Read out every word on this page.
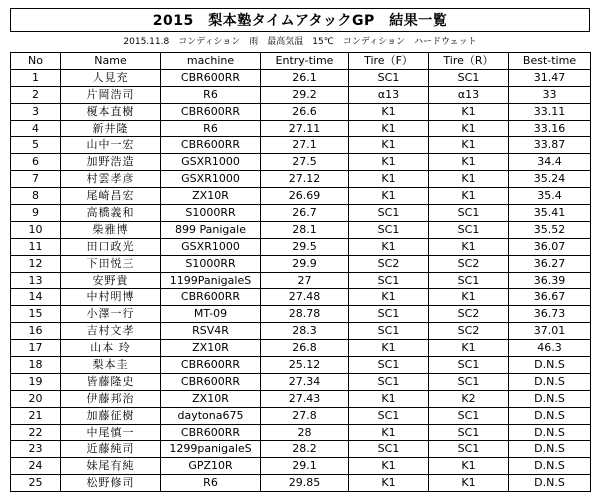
2015　梨本塾タイムアタックGP　結果一覧
2015.11.8　コンディション　雨　最高気温　15℃　コンディション　ハードウェット
No	Name	machine	Entry-time	Tire（F）	Tire（R）	Best-time
1	人見充	CBR600RR	26.1	SC1	SC1	31.47
2	片岡浩司	R6	29.2	α13	α13	33
3	榎本直樹	CBR600RR	26.6	K1	K1	33.11
4	新井隆	R6	27.11	K1	K1	33.16
5	山中一宏	CBR600RR	27.1	K1	K1	33.87
6	加野浩造	GSXR1000	27.5	K1	K1	34.4
7	村雲孝彦	GSXR1000	27.12	K1	K1	35.24
8	尾崎昌宏	ZX10R	26.69	K1	K1	35.4
9	高橋義和	S1000RR	26.7	SC1	SC1	35.41
10	柴雅博	899 Panigale	28.1	SC1	SC1	35.52
11	田口政光	GSXR1000	29.5	K1	K1	36.07
12	下田悦三	S1000RR	29.9	SC2	SC2	36.27
13	安野貴	1199PanigaleS	27	SC1	SC1	36.39
14	中村明博	CBR600RR	27.48	K1	K1	36.67
15	小澤一行	MT-09	28.78	SC1	SC2	36.73
16	吉村文孝	RSV4R	28.3	SC1	SC2	37.01
17	山本 玲	ZX10R	26.8	K1	K1	46.3
18	梨本圭	CBR600RR	25.12	SC1	SC1	D.N.S
19	皆藤隆史	CBR600RR	27.34	SC1	SC1	D.N.S
20	伊藤邦治	ZX10R	27.43	K1	K2	D.N.S
21	加藤征樹	daytona675	27.8	SC1	SC1	D.N.S
22	中尾慎一	CBR600RR	28	K1	SC1	D.N.S
23	近藤純司	1299panigaleS	28.2	SC1	SC1	D.N.S
24	妹尾有純	GPZ10R	29.1	K1	K1	D.N.S
25	松野修司	R6	29.85	K1	K1	D.N.S
